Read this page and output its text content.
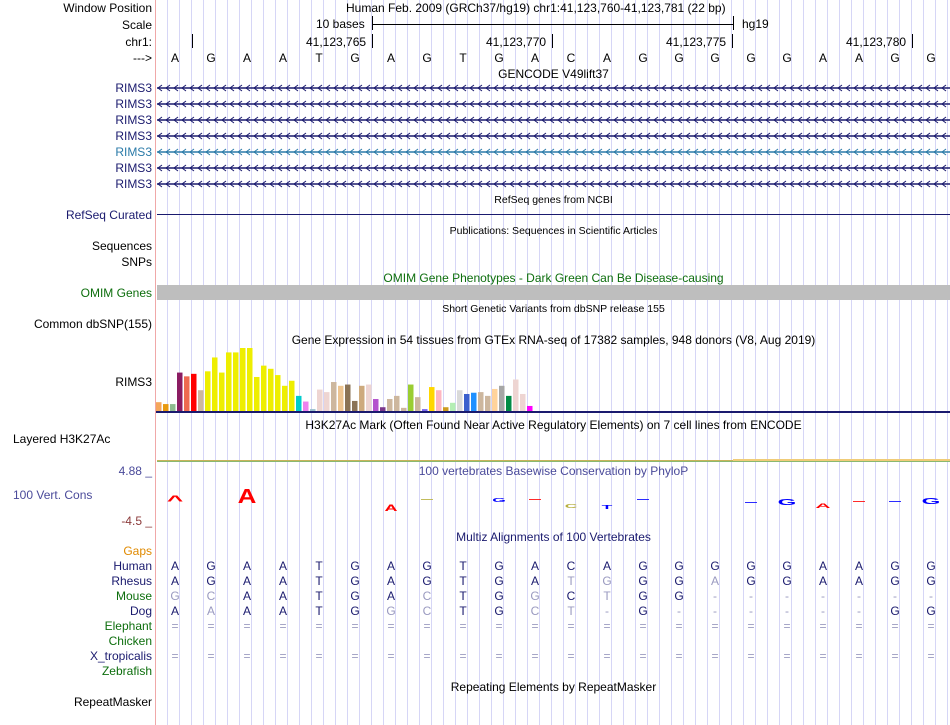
Window Position	Human Feb. 2009 (GRCh37/hg19) chr1:41,123,760-41,123,781 (22 bp)
Scale	10 bases	hg19
chr1:	41,123,765	41,123,770	41,123,775	41,123,780
--->	A	G	A	A	T	G	A	G	T	G	A	C	A	G	G	G	G	G	A	A	G	G
GENCODE V49lift37
RIMS3
RIMS3
RIMS3
RIMS3
RIMS3
RIMS3
RIMS3
RefSeq genes from NCBI
RefSeq Curated
Publications: Sequences in Scientific Articles
Sequences
SNPs
OMIM Gene Phenotypes - Dark Green Can Be Disease-causing
OMIM Genes
Short Genetic Variants from dbSNP release 155
Common dbSNP(155)
Gene Expression in 54 tissues from GTEx RNA-seq of 17382 samples, 948 donors (V8, Aug 2019)
RIMS3
H3K27Ac Mark (Often Found Near Active Regulatory Elements) on 7 cell lines from ENCODE
Layered H3K27Ac
100 vertebrates Basewise Conservation by PhyloP
4.88 _
100 Vert. Cons
-4.5 _
^	A
A
—	G	—
C	T
—	—	G	A	—	—	G
Multiz Alignments of 100 Vertebrates
Gaps
Human	A	G	A	A	T	G	A	G	T	G	A	C	A	G	G	G	G	G	A	A	G	G
Rhesus	A	G	A	A	T	G	A	G	T	G	A	T	G	G	G	A	G	G	A	A	G	G
Mouse	G	C	A	A	T	G	A	C	T	G	G	C	T	G	G	-	-	-	-	-	-	-
Dog	A	A	A	A	T	G	G	C	T	G	C	T	-	G	-	-	-	-	-	-	G	G
Elephant	=	=	=	=	=	=	=	=	=	=	=	=	=	=	=	=	=	=	=	=	=	=
Chicken
X_tropicalis	=	=	=	=	=	=	=	=	=	=	=	=	=	=	=	=	=	=	=	=	=	=
Zebrafish
Repeating Elements by RepeatMasker
RepeatMasker
